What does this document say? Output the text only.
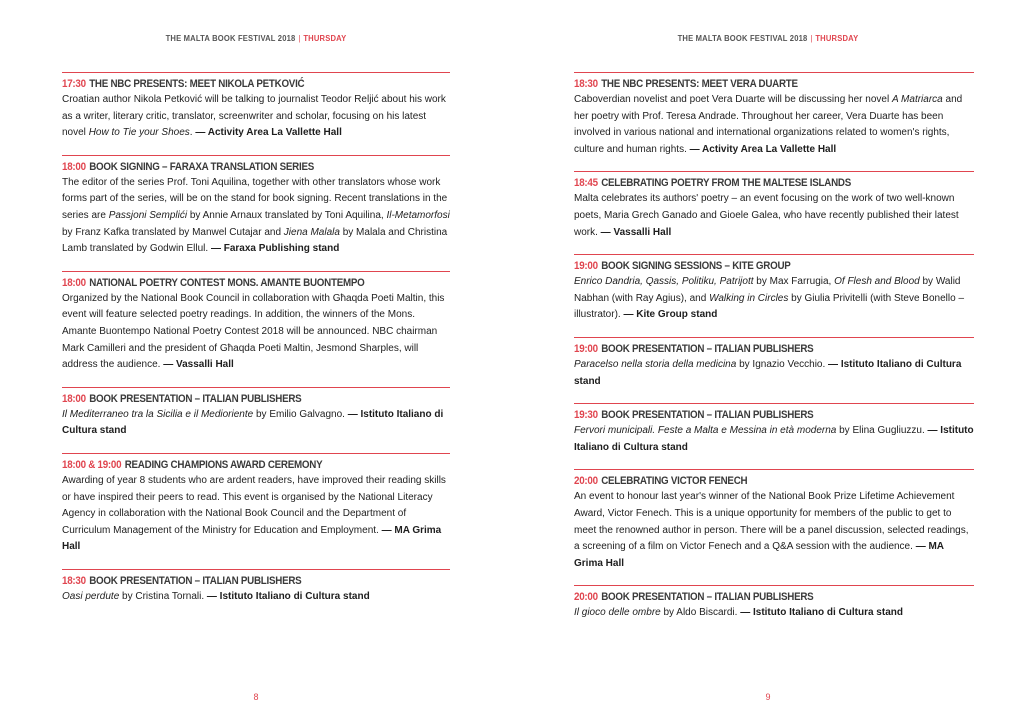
THE MALTA BOOK FESTIVAL 2018 | THURSDAY
17:30 THE NBC PRESENTS: MEET NIKOLA PETKOVIĆ
Croatian author Nikola Petković will be talking to journalist Teodor Reljić about his work as a writer, literary critic, translator, screenwriter and scholar, focusing on his latest novel How to Tie your Shoes. — Activity Area La Vallette Hall
18:00 BOOK SIGNING – FARAXA TRANSLATION SERIES
The editor of the series Prof. Toni Aquilina, together with other translators whose work forms part of the series, will be on the stand for book signing. Recent translations in the series are Passjoni Semplići by Annie Arnaux translated by Toni Aquilina, Il-Metamorfosi by Franz Kafka translated by Manwel Cutajar and Jiena Malala by Malala and Christina Lamb translated by Godwin Ellul. — Faraxa Publishing stand
18:00 NATIONAL POETRY CONTEST MONS. AMANTE BUONTEMPO
Organized by the National Book Council in collaboration with Għaqda Poeti Maltin, this event will feature selected poetry readings. In addition, the winners of the Mons. Amante Buontempo National Poetry Contest 2018 will be announced. NBC chairman Mark Camilleri and the president of Għaqda Poeti Maltin, Jesmond Sharples, will address the audience. — Vassalli Hall
18:00 BOOK PRESENTATION – ITALIAN PUBLISHERS
Il Mediterraneo tra la Sicilia e il Medioriente by Emilio Galvagno. — Istituto Italiano di Cultura stand
18:00 & 19:00 READING CHAMPIONS AWARD CEREMONY
Awarding of year 8 students who are ardent readers, have improved their reading skills or have inspired their peers to read. This event is organised by the National Literacy Agency in collaboration with the National Book Council and the Department of Curriculum Management of the Ministry for Education and Employment. — MA Grima Hall
18:30 BOOK PRESENTATION – ITALIAN PUBLISHERS
Oasi perdute by Cristina Tornali. — Istituto Italiano di Cultura stand
8
THE MALTA BOOK FESTIVAL 2018 | THURSDAY
18:30 THE NBC PRESENTS: MEET VERA DUARTE
Caboverdian novelist and poet Vera Duarte will be discussing her novel A Matriarca and her poetry with Prof. Teresa Andrade. Throughout her career, Vera Duarte has been involved in various national and international organizations related to women's rights, culture and human rights. — Activity Area La Vallette Hall
18:45 CELEBRATING POETRY FROM THE MALTESE ISLANDS
Malta celebrates its authors' poetry – an event focusing on the work of two well-known poets, Maria Grech Ganado and Gioele Galea, who have recently published their latest work. — Vassalli Hall
19:00 BOOK SIGNING SESSIONS – KITE GROUP
Enrico Dandria, Qassis, Politiku, Patrijott by Max Farrugia, Of Flesh and Blood by Walid Nabhan (with Ray Agius), and Walking in Circles by Giulia Privitelli (with Steve Bonello – illustrator). — Kite Group stand
19:00 BOOK PRESENTATION – ITALIAN PUBLISHERS
Paracelso nella storia della medicina by Ignazio Vecchio. — Istituto Italiano di Cultura stand
19:30 BOOK PRESENTATION – ITALIAN PUBLISHERS
Fervori municipali. Feste a Malta e Messina in età moderna by Elina Gugliuzzu. — Istituto Italiano di Cultura stand
20:00 CELEBRATING VICTOR FENECH
An event to honour last year's winner of the National Book Prize Lifetime Achievement Award, Victor Fenech. This is a unique opportunity for members of the public to get to meet the renowned author in person. There will be a panel discussion, selected readings, a screening of a film on Victor Fenech and a Q&A session with the audience. — MA Grima Hall
20:00 BOOK PRESENTATION – ITALIAN PUBLISHERS
Il gioco delle ombre by Aldo Biscardi. — Istituto Italiano di Cultura stand
9
